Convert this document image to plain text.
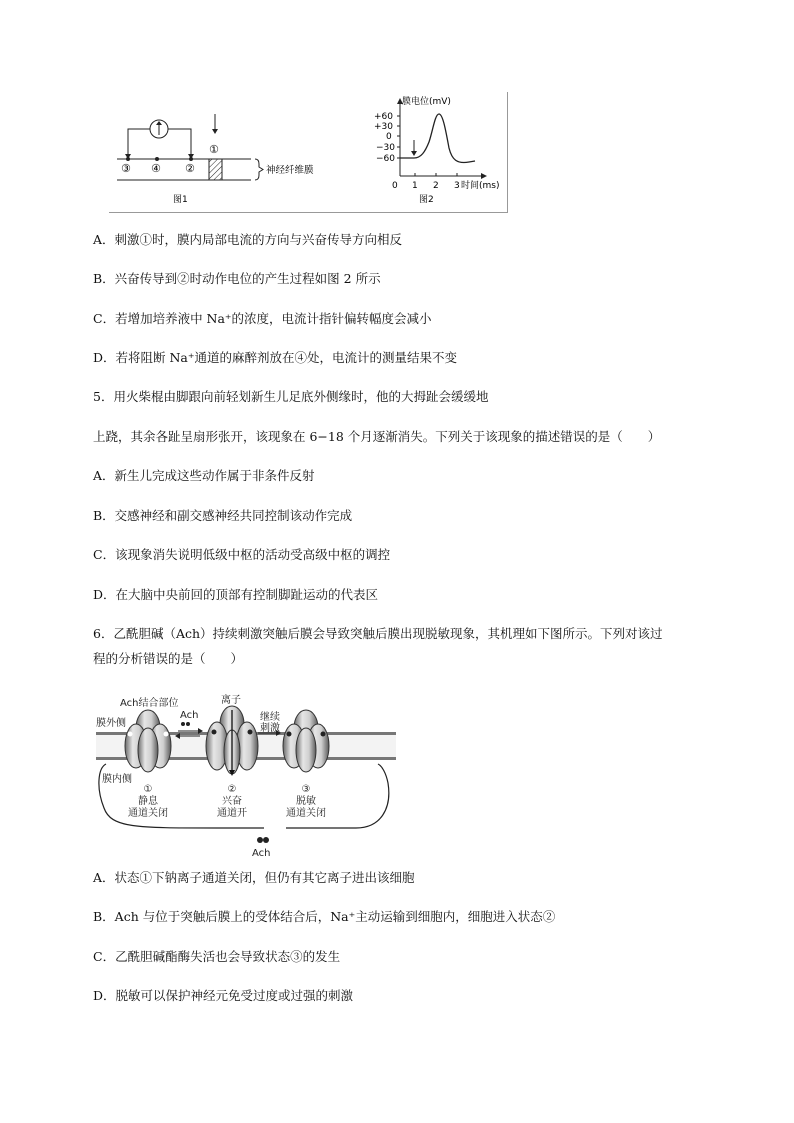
③ ④ ②
①
神经纤维膜
图1
膜电位(mV)
+60
+30
0
−30
−60
0 1 2 3 时间(ms)
图2
A．刺激①时，膜内局部电流的方向与兴奋传导方向相反
B．兴奋传导到②时动作电位的产生过程如图 2 所示
C．若增加培养液中 Na⁺的浓度，电流计指针偏转幅度会减小
D．若将阻断 Na⁺通道的麻醉剂放在④处，电流计的测量结果不变
5．用火柴棍由脚跟向前轻划新生儿足底外侧缘时，他的大拇趾会缓缓地
上跷，其余各趾呈扇形张开，该现象在 6−18 个月逐渐消失。下列关于该现象的描述错误的是（　　）
A．新生儿完成这些动作属于非条件反射
B．交感神经和副交感神经共同控制该动作完成
C．该现象消失说明低级中枢的活动受高级中枢的调控
D．在大脑中央前回的顶部有控制脚趾运动的代表区
6．乙酰胆碱（Ach）持续刺激突触后膜会导致突触后膜出现脱敏现象，其机理如下图所示。下列对该过
程的分析错误的是（　　）
Ach结合部位
Ach
离子
继续
刺激
膜外侧
膜内侧
①
静息
通道关闭
②
兴奋
通道开
③
脱敏
通道关闭
Ach
A．状态①下钠离子通道关闭，但仍有其它离子进出该细胞
B．Ach 与位于突触后膜上的受体结合后，Na⁺主动运输到细胞内，细胞进入状态②
C．乙酰胆碱酯酶失活也会导致状态③的发生
D．脱敏可以保护神经元免受过度或过强的刺激
